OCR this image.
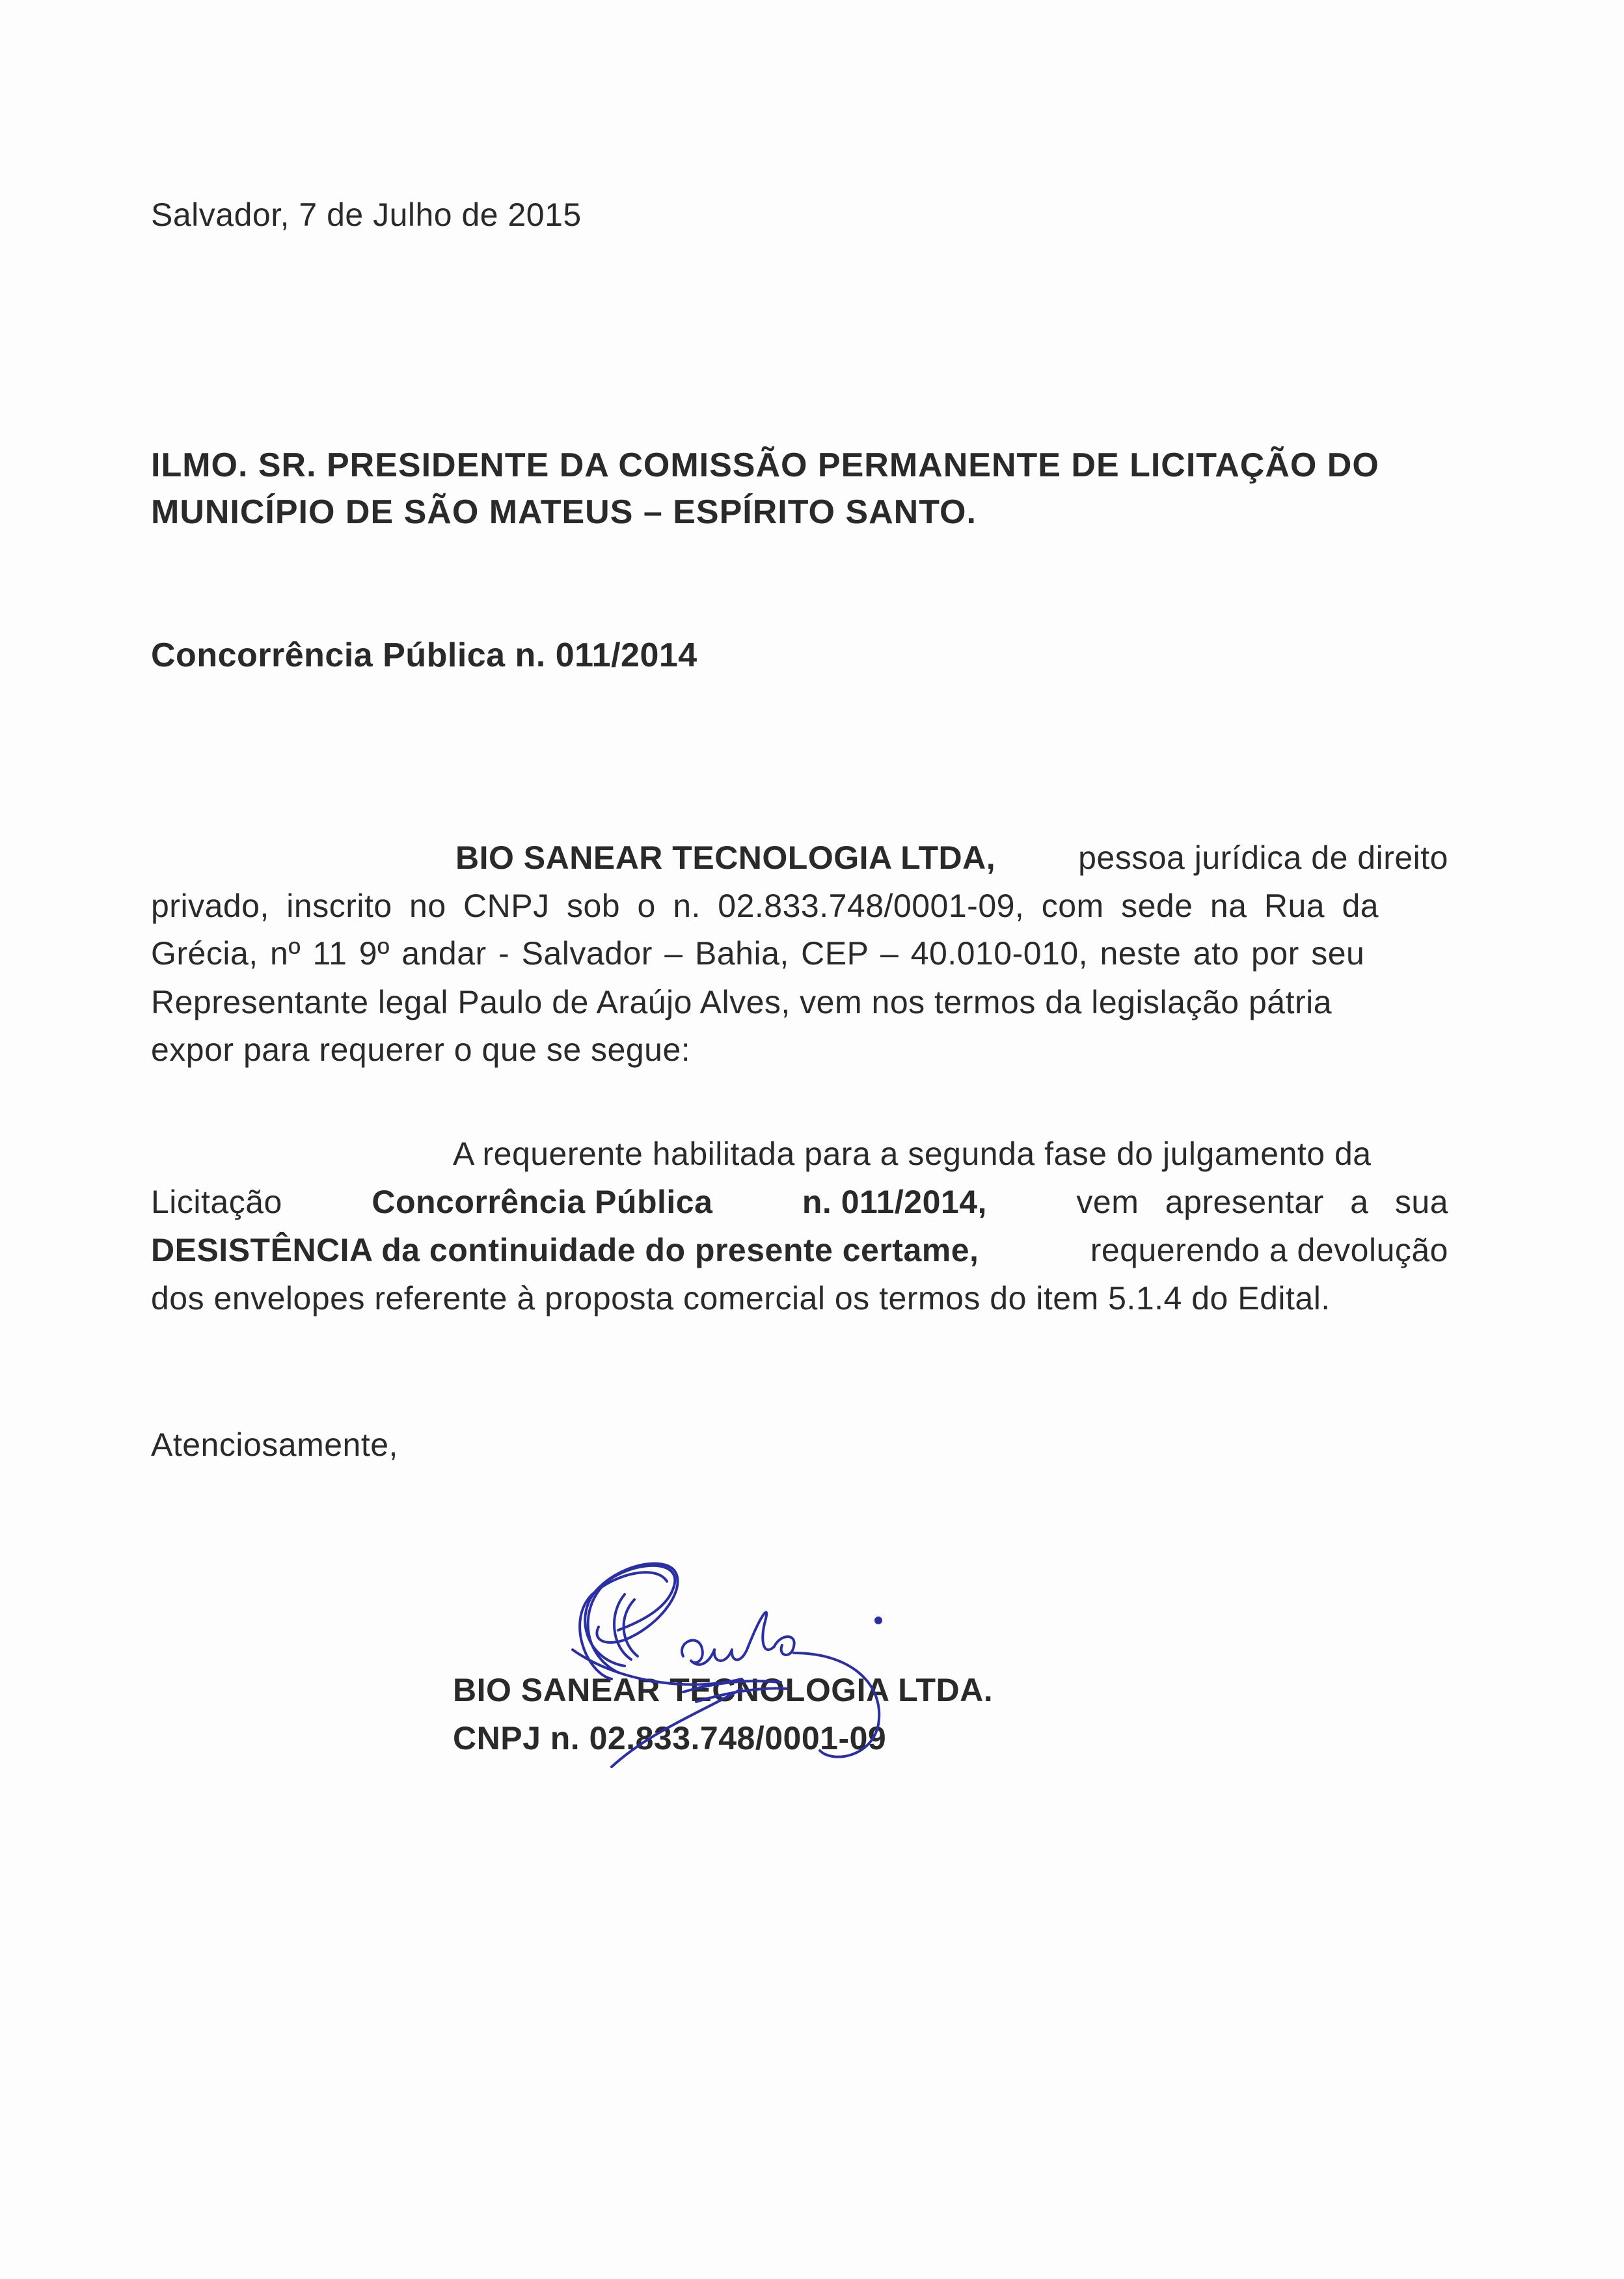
Salvador, 7 de Julho de 2015
ILMO. SR. PRESIDENTE DA COMISSÃO PERMANENTE DE LICITAÇÃO DO
MUNICÍPIO DE SÃO MATEUS – ESPÍRITO SANTO.
Concorrência Pública n. 011/2014
BIO SANEAR TECNOLOGIA LTDA,	pessoa jurídica de direito
privado, inscrito no CNPJ sob o n. 02.833.748/0001-09, com sede na Rua da
Grécia, nº 11 9º andar - Salvador – Bahia, CEP – 40.010-010, neste ato por seu
Representante legal Paulo de Araújo Alves, vem nos termos da legislação pátria
expor para requerer o que se segue:
A requerente habilitada para a segunda fase do julgamento da
Licitação	Concorrência Pública	n. 011/2014,	vem apresentar a sua
DESISTÊNCIA da continuidade do presente certame,	requerendo a devolução
dos envelopes referente à proposta comercial os termos do item 5.1.4 do Edital.
Atenciosamente,
BIO SANEAR TECNOLOGIA LTDA.
CNPJ n. 02.833.748/0001-09
